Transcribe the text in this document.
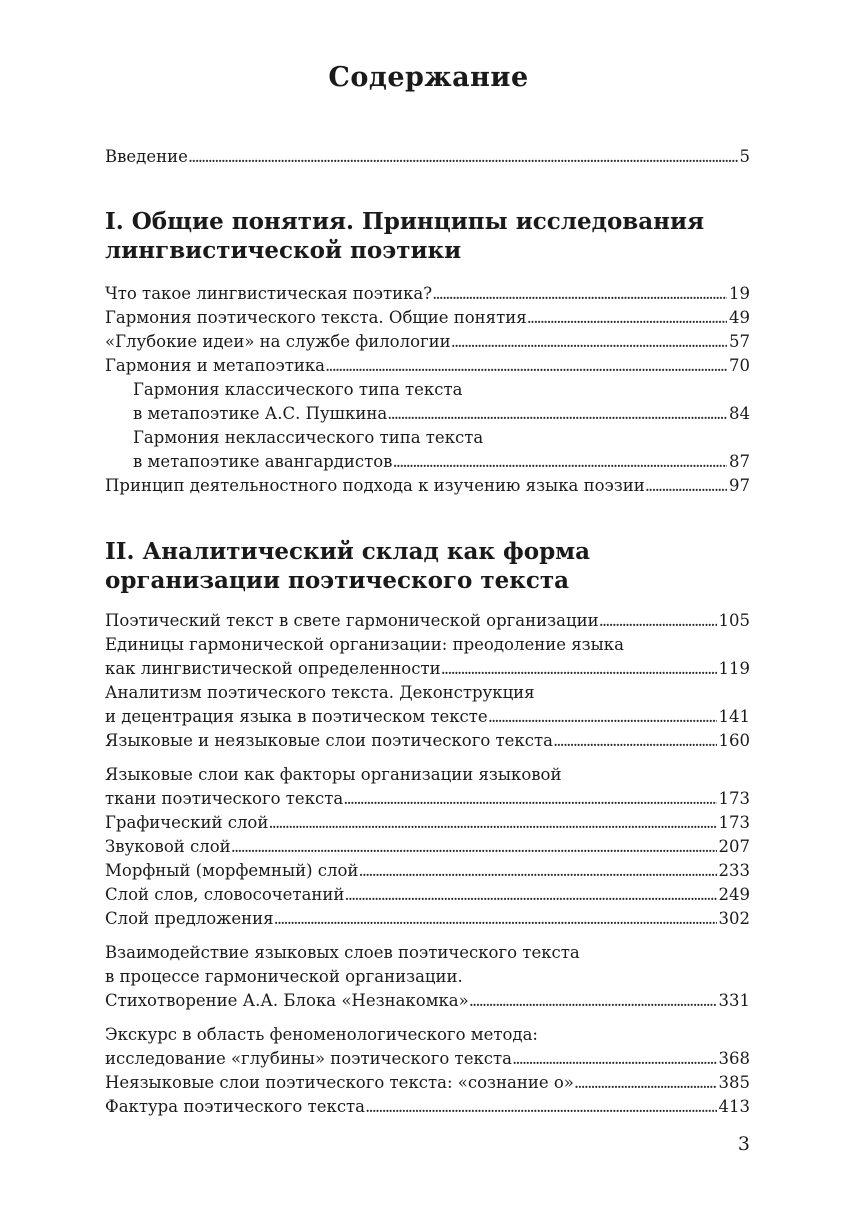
Содержание
Введение . . .	5
I. Общие понятия. Принципы исследования
лингвистической поэтики
Что такое лингвистическая поэтика? . . .	19
Гармония поэтического текста. Общие понятия . . .	49
«Глубокие идеи» на службе филологии . . .	57
Гармония и метапоэтика . . .	70
Гармония классического типа текста
в метапоэтике А.С. Пушкина . . .	84
Гармония неклассического типа текста
в метапоэтике авангардистов . . .	87
Принцип деятельностного подхода к изучению языка поэзии . . .	97
II. Аналитический склад как форма
организации поэтического текста
Поэтический текст в свете гармонической организации . . .	105
Единицы гармонической организации: преодоление языка
как лингвистической определенности . . .	119
Аналитизм поэтического текста. Деконструкция
и децентрация языка в поэтическом тексте . . .	141
Языковые и неязыковые слои поэтического текста . . .	160
Языковые слои как факторы организации языковой
ткани поэтического текста . . .	173
Графический слой . . .	173
Звуковой слой . . .	207
Морфный (морфемный) слой . . .	233
Слой слов, словосочетаний . . .	249
Слой предложения . . .	302
Взаимодействие языковых слоев поэтического текста
в процессе гармонической организации.
Стихотворение А.А. Блока «Незнакомка» . . .	331
Экскурс в область феноменологического метода:
исследование «глубины» поэтического текста . . .	368
Неязыковые слои поэтического текста: «сознание о» . . .	385
Фактура поэтического текста . . .	413
3
